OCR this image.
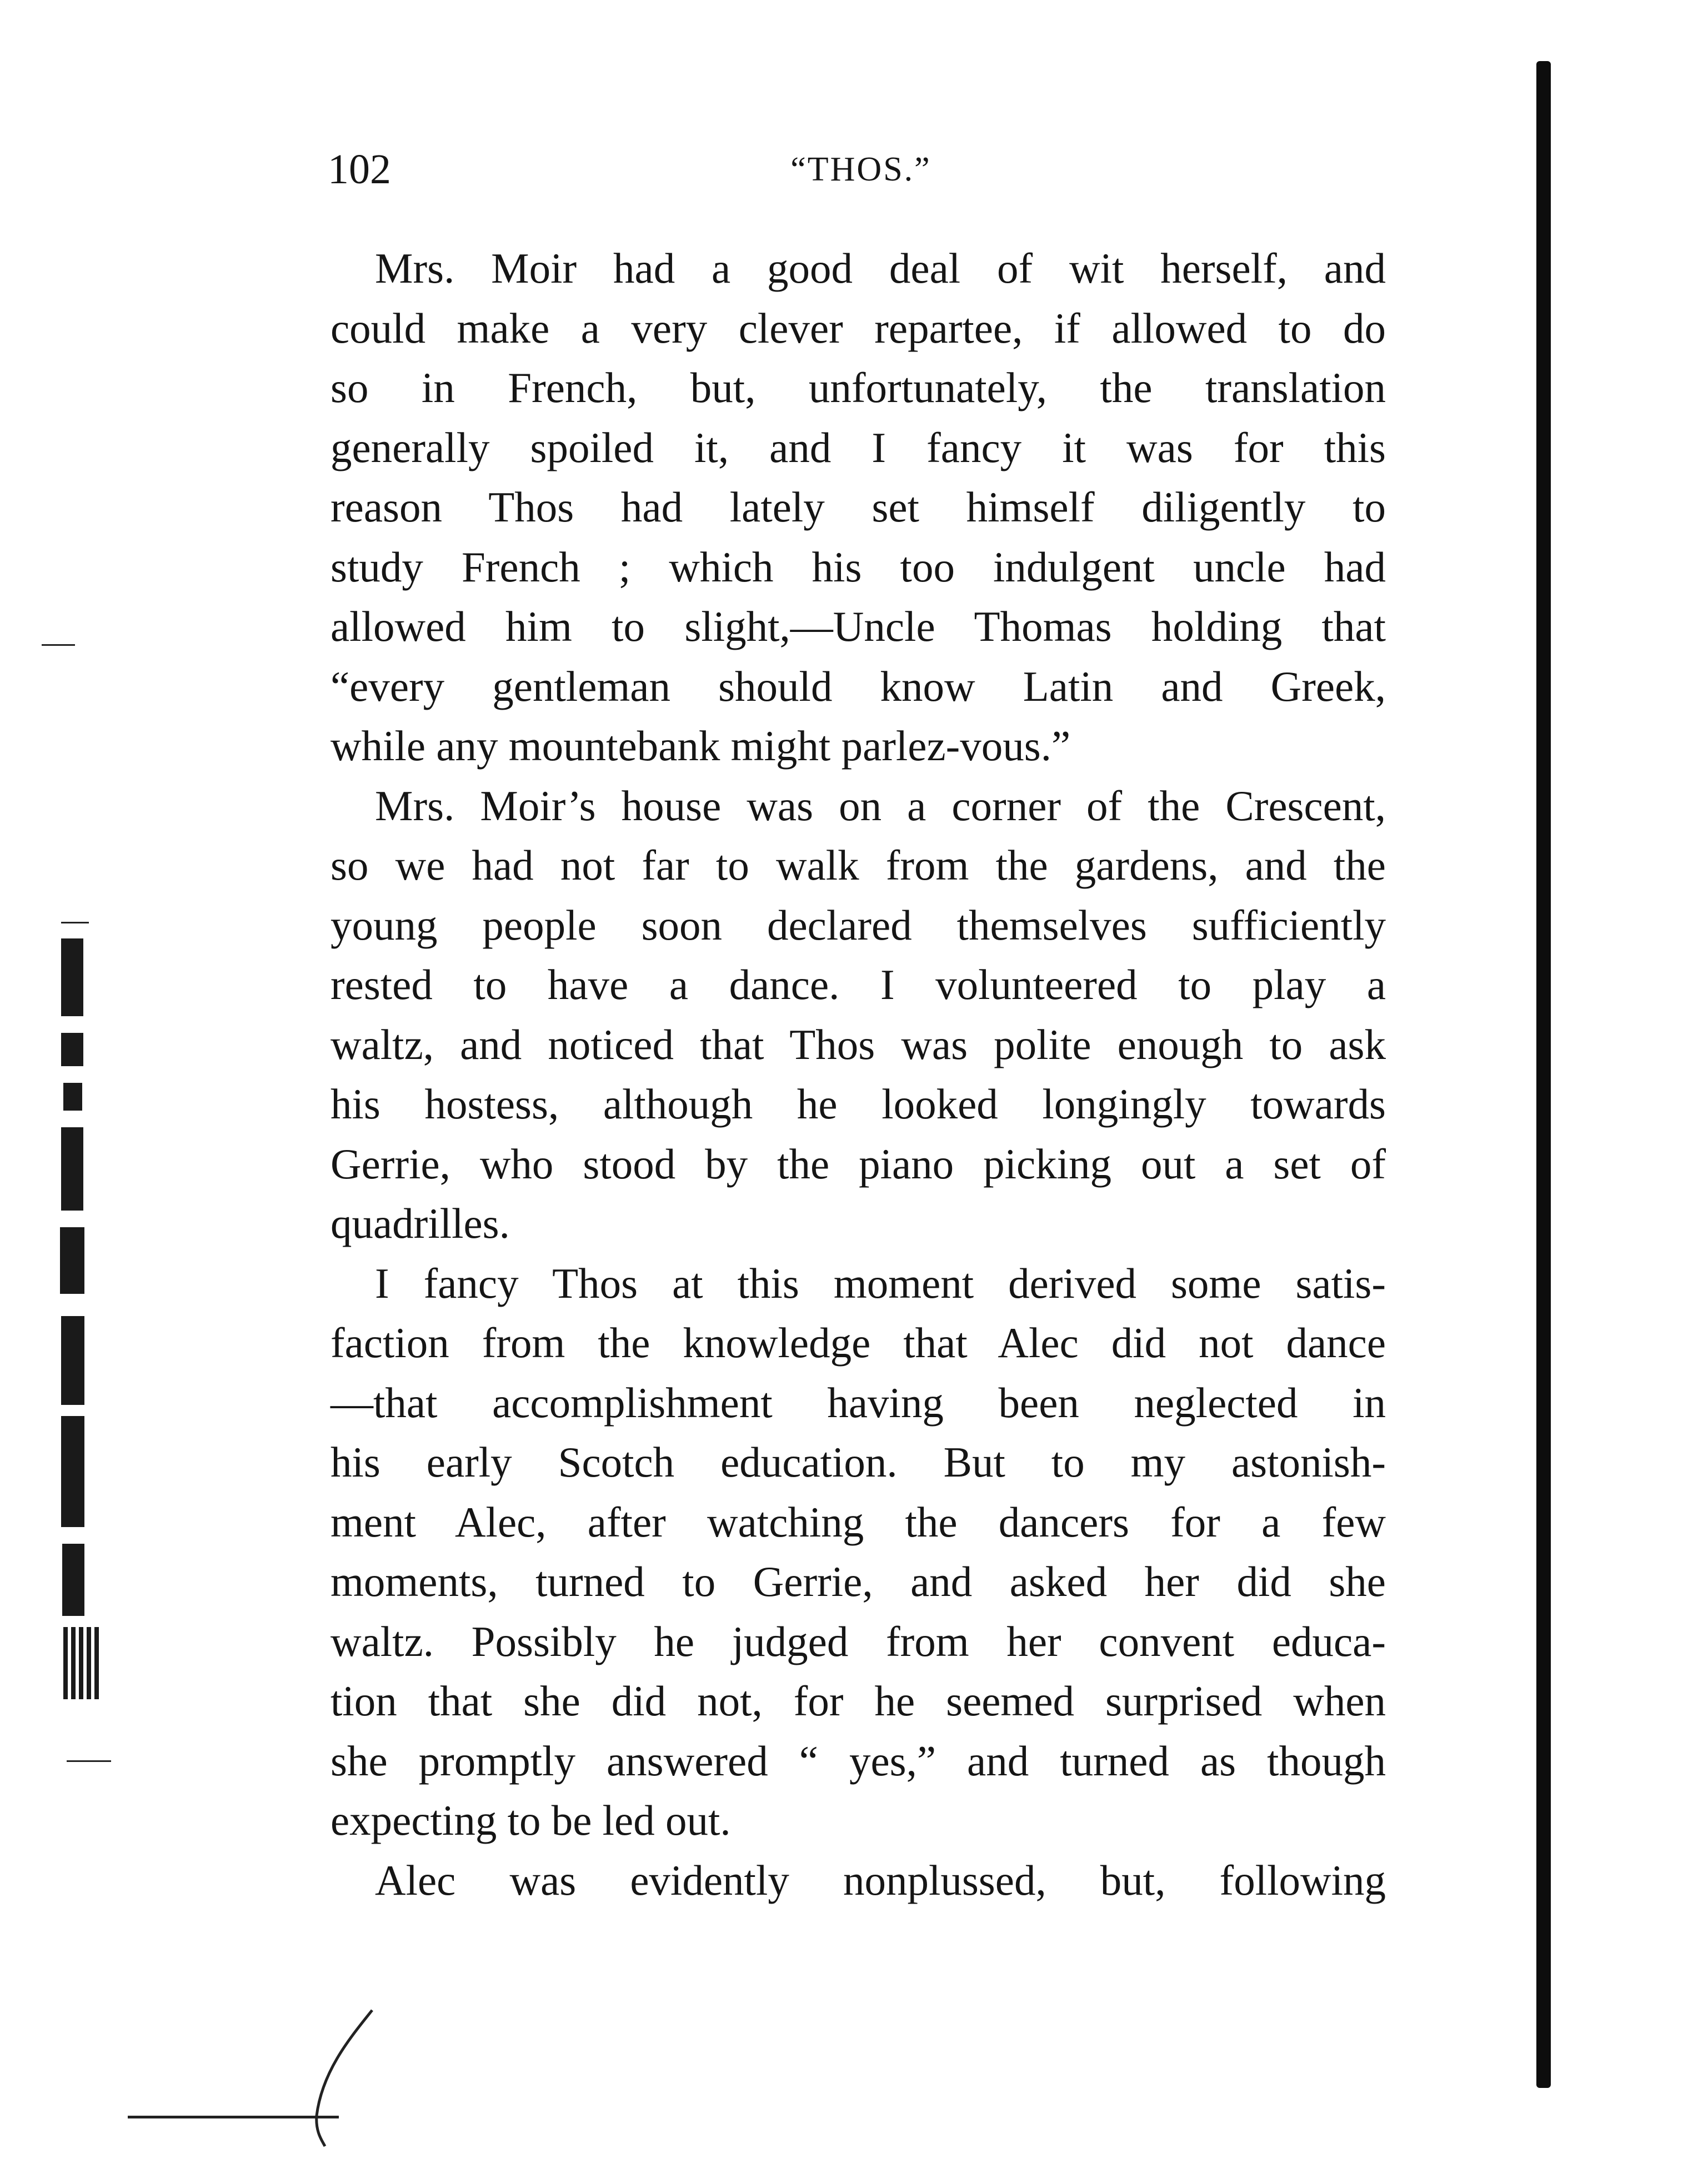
102	“THOS.”
Mrs. Moir had a good deal of wit herself, and
could make a very clever repartee, if allowed to do
so in French, but, unfortunately, the translation
generally spoiled it, and I fancy it was for this
reason Thos had lately set himself diligently to
study French ; which his too indulgent uncle had
allowed him to slight,—Uncle Thomas holding that
“every gentleman should know Latin and Greek,
while any mountebank might parlez-vous.”
Mrs. Moir’s house was on a corner of the Crescent,
so we had not far to walk from the gardens, and the
young people soon declared themselves sufficiently
rested to have a dance. I volunteered to play a
waltz, and noticed that Thos was polite enough to ask
his hostess, although he looked longingly towards
Gerrie, who stood by the piano picking out a set of
quadrilles.
I fancy Thos at this moment derived some satis-
faction from the knowledge that Alec did not dance
—that accomplishment having been neglected in
his early Scotch education. But to my astonish-
ment Alec, after watching the dancers for a few
moments, turned to Gerrie, and asked her did she
waltz. Possibly he judged from her convent educa-
tion that she did not, for he seemed surprised when
she promptly answered “ yes,” and turned as though
expecting to be led out.
Alec was evidently nonplussed, but, following
